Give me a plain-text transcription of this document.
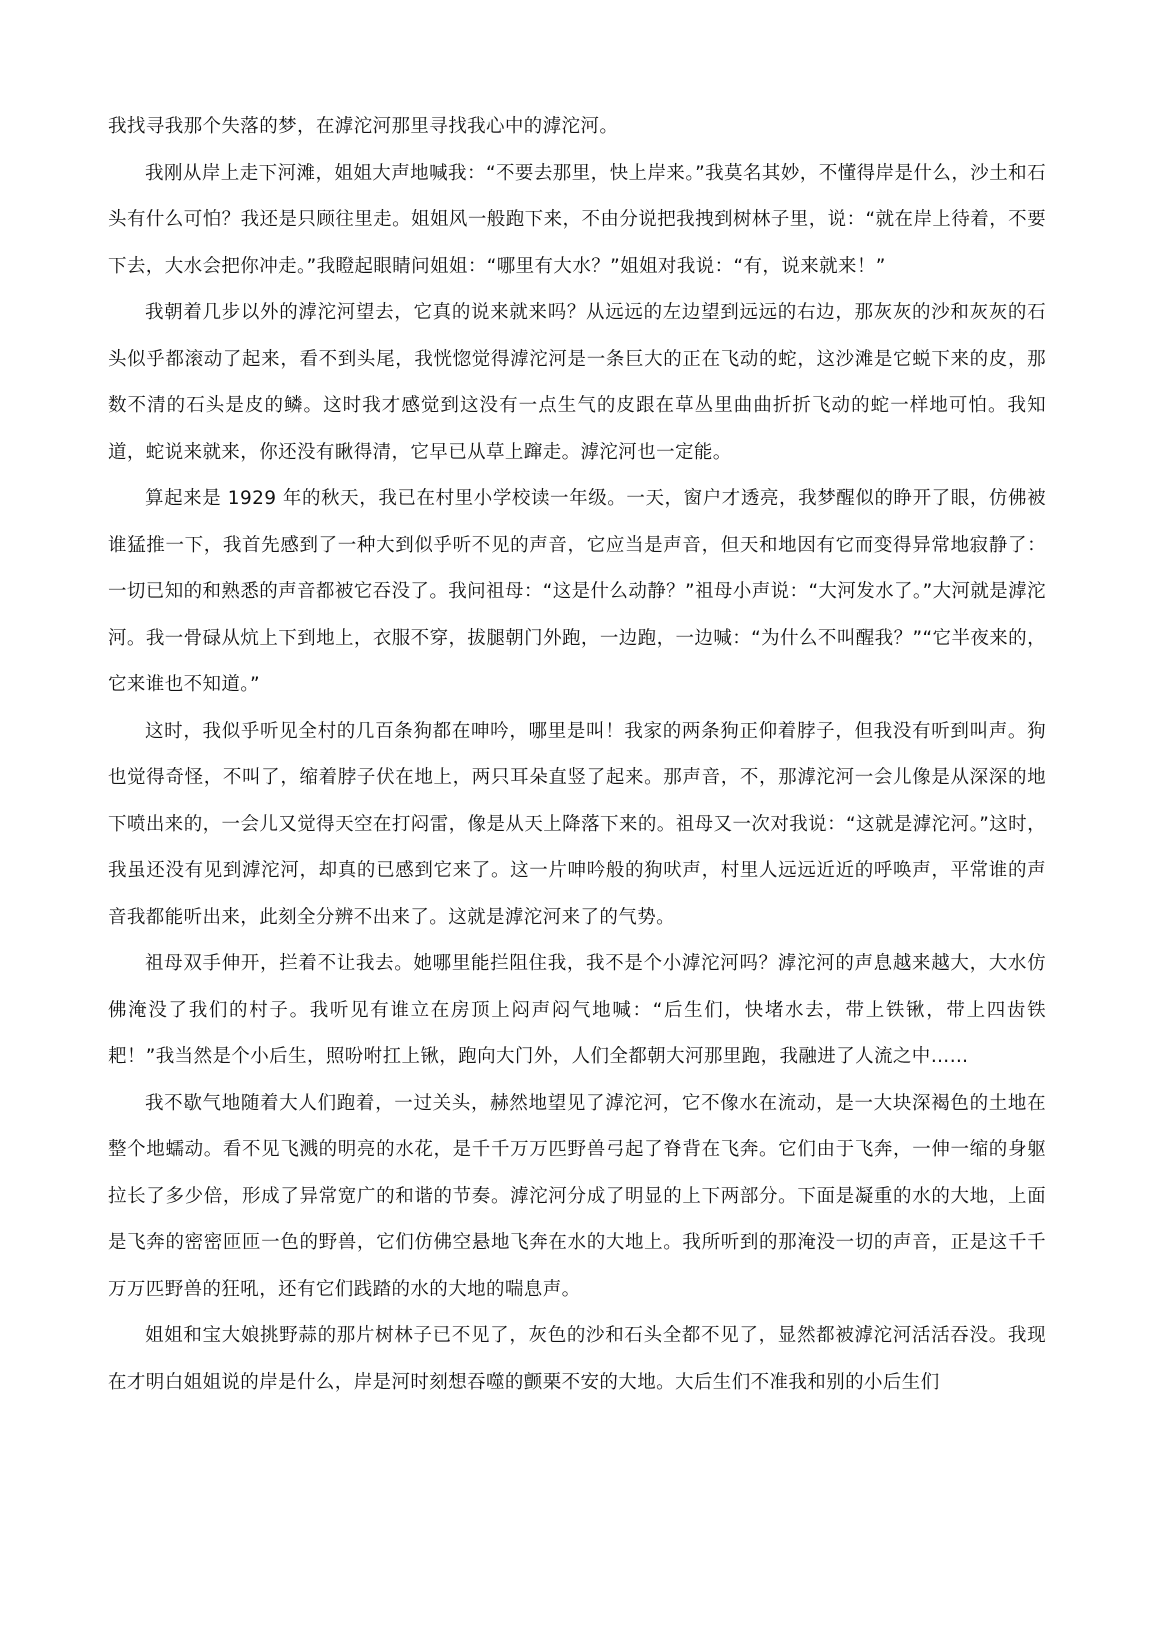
我找寻我那个失落的梦，在滹沱河那里寻找我心中的滹沱河。

我刚从岸上走下河滩，姐姐大声地喊我：“不要去那里，快上岸来。”我莫名其妙，不懂得岸是什么，沙土和石头有什么可怕？我还是只顾往里走。姐姐风一般跑下来，不由分说把我拽到树林子里，说：“就在岸上待着，不要下去，大水会把你冲走。”我瞪起眼睛问姐姐：“哪里有大水？”姐姐对我说：“有，说来就来！”

我朝着几步以外的滹沱河望去，它真的说来就来吗？从远远的左边望到远远的右边，那灰灰的沙和灰灰的石头似乎都滚动了起来，看不到头尾，我恍惚觉得滹沱河是一条巨大的正在飞动的蛇，这沙滩是它蜕下来的皮，那数不清的石头是皮的鳞。这时我才感觉到这没有一点生气的皮跟在草丛里曲曲折折飞动的蛇一样地可怕。我知道，蛇说来就来，你还没有瞅得清，它早已从草上蹿走。滹沱河也一定能。

算起来是 1929 年的秋天，我已在村里小学校读一年级。一天，窗户才透亮，我梦醒似的睁开了眼，仿佛被谁猛推一下，我首先感到了一种大到似乎听不见的声音，它应当是声音，但天和地因有它而变得异常地寂静了：一切已知的和熟悉的声音都被它吞没了。我问祖母：“这是什么动静？”祖母小声说：“大河发水了。”大河就是滹沱河。我一骨碌从炕上下到地上，衣服不穿，拔腿朝门外跑，一边跑，一边喊：“为什么不叫醒我？”“它半夜来的，它来谁也不知道。”

这时，我似乎听见全村的几百条狗都在呻吟，哪里是叫！我家的两条狗正仰着脖子，但我没有听到叫声。狗也觉得奇怪，不叫了，缩着脖子伏在地上，两只耳朵直竖了起来。那声音，不，那滹沱河一会儿像是从深深的地下喷出来的，一会儿又觉得天空在打闷雷，像是从天上降落下来的。祖母又一次对我说：“这就是滹沱河。”这时，我虽还没有见到滹沱河，却真的已感到它来了。这一片呻吟般的狗吠声，村里人远远近近的呼唤声，平常谁的声音我都能听出来，此刻全分辨不出来了。这就是滹沱河来了的气势。

祖母双手伸开，拦着不让我去。她哪里能拦阻住我，我不是个小滹沱河吗？滹沱河的声息越来越大，大水仿佛淹没了我们的村子。我听见有谁立在房顶上闷声闷气地喊：“后生们，快堵水去，带上铁锹，带上四齿铁耙！”我当然是个小后生，照吩咐扛上锹，跑向大门外，人们全都朝大河那里跑，我融进了人流之中……

我不歇气地随着大人们跑着，一过关头，赫然地望见了滹沱河，它不像水在流动，是一大块深褐色的土地在整个地蠕动。看不见飞溅的明亮的水花，是千千万万匹野兽弓起了脊背在飞奔。它们由于飞奔，一伸一缩的身躯拉长了多少倍，形成了异常宽广的和谐的节奏。滹沱河分成了明显的上下两部分。下面是凝重的水的大地，上面是飞奔的密密匝匝一色的野兽，它们仿佛空悬地飞奔在水的大地上。我所听到的那淹没一切的声音，正是这千千万万匹野兽的狂吼，还有它们践踏的水的大地的喘息声。

姐姐和宝大娘挑野蒜的那片树林子已不见了，灰色的沙和石头全都不见了，显然都被滹沱河活活吞没。我现在才明白姐姐说的岸是什么，岸是河时刻想吞噬的颤栗不安的大地。大后生们不准我和别的小后生们
